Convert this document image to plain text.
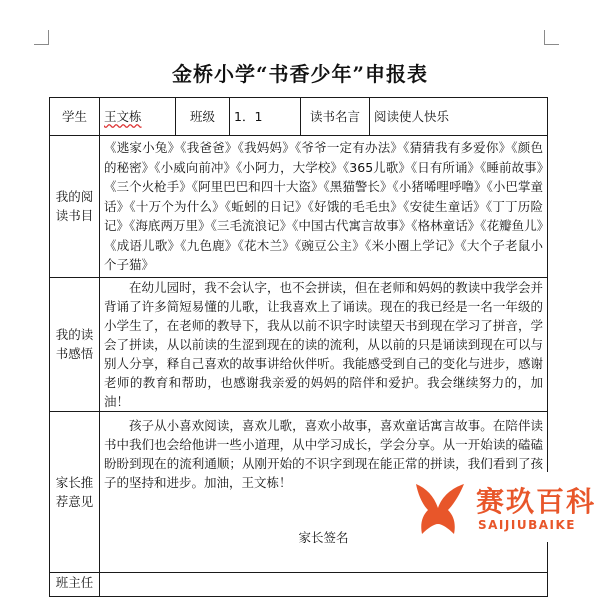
金桥小学“书香少年”申报表
学生	王文栋	班级	1．1	读书名言	阅读使人快乐
我的阅读书目	《逃家小兔》《我爸爸》《我妈妈》《爷爷一定有办法》《猜猜我有多爱你》《颜色的秘密》《小威向前冲》《小阿力，大学校》《365儿歌》《日有所诵》《睡前故事》《三个火枪手》《阿里巴巴和四十大盗》《黑猫警长》《小猪唏哩呼噜》《小巴掌童话》《十万个为什么》《蚯蚓的日记》《好饿的毛毛虫》《安徒生童话》《丁丁历险记》《海底两万里》《三毛流浪记》《中国古代寓言故事》《格林童话》《花瓣鱼儿》《成语儿歌》《九色鹿》《花木兰》《豌豆公主》《米小圈上学记》《大个子老鼠小个子猫》				
我的读书感悟	在幼儿园时，我不会认字，也不会拼读，但在老师和妈妈的教读中我学会并背诵了许多简短易懂的儿歌，让我喜欢上了诵读。现在的我已经是一名一年级的小学生了，在老师的教导下，我从以前不识字时读望天书到现在学习了拼音，学会了拼读，从以前读的生涩到现在的读的流利，从以前的只是诵读到现在可以与别人分享，释自己喜欢的故事讲给伙伴听。我能感受到自己的变化与进步，感谢老师的教育和帮助，也感谢我亲爱的妈妈的陪伴和爱护。我会继续努力的，加油！				

家长推荐意见	孩子从小喜欢阅读，喜欢儿歌，喜欢小故事，喜欢童话寓言故事。在陪伴读书中我们也会给他讲一些小道理，从中学习成长，学会分享。从一开始读的磕磕盼盼到现在的流利通顺；从刚开始的不识字到现在能正常的拼读，我们看到了孩子的坚持和进步。加油，王文栋！

家长签名				

班主任					
赛玖百科
SAIJIUBAIKE
